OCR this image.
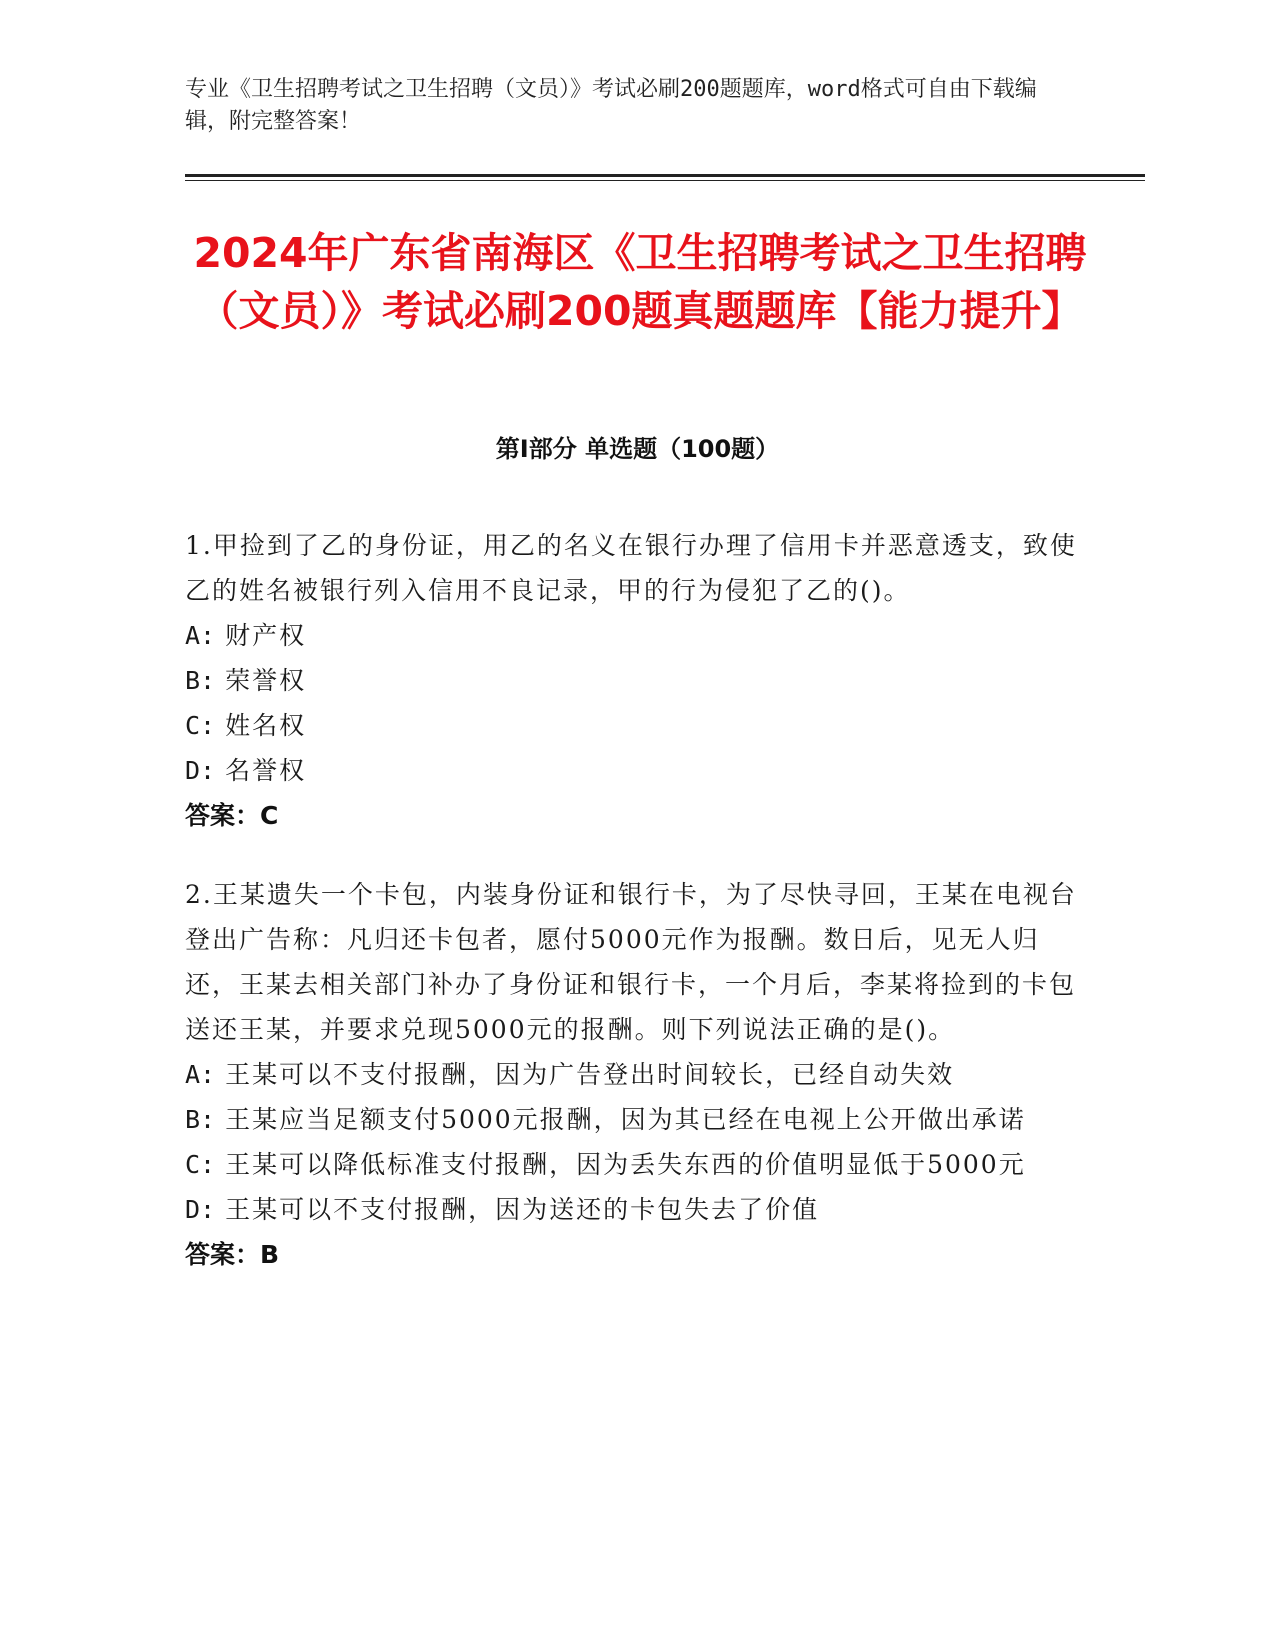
专业《卫生招聘考试之卫生招聘（文员）》考试必刷200题题库，word格式可自由下载编辑，附完整答案！
2024年广东省南海区《卫生招聘考试之卫生招聘（文员）》考试必刷200题真题题库【能力提升】
第Ⅰ部分 单选题（100题）
1.甲捡到了乙的身份证，用乙的名义在银行办理了信用卡并恶意透支，致使乙的姓名被银行列入信用不良记录，甲的行为侵犯了乙的()。
A: 财产权
B: 荣誉权
C: 姓名权
D: 名誉权
答案：C
2.王某遗失一个卡包，内装身份证和银行卡，为了尽快寻回，王某在电视台登出广告称：凡归还卡包者，愿付5000元作为报酬。数日后，见无人归还，王某去相关部门补办了身份证和银行卡，一个月后，李某将捡到的卡包送还王某，并要求兑现5000元的报酬。则下列说法正确的是()。
A: 王某可以不支付报酬，因为广告登出时间较长，已经自动失效
B: 王某应当足额支付5000元报酬，因为其已经在电视上公开做出承诺
C: 王某可以降低标准支付报酬，因为丢失东西的价值明显低于5000元
D: 王某可以不支付报酬，因为送还的卡包失去了价值
答案：B
